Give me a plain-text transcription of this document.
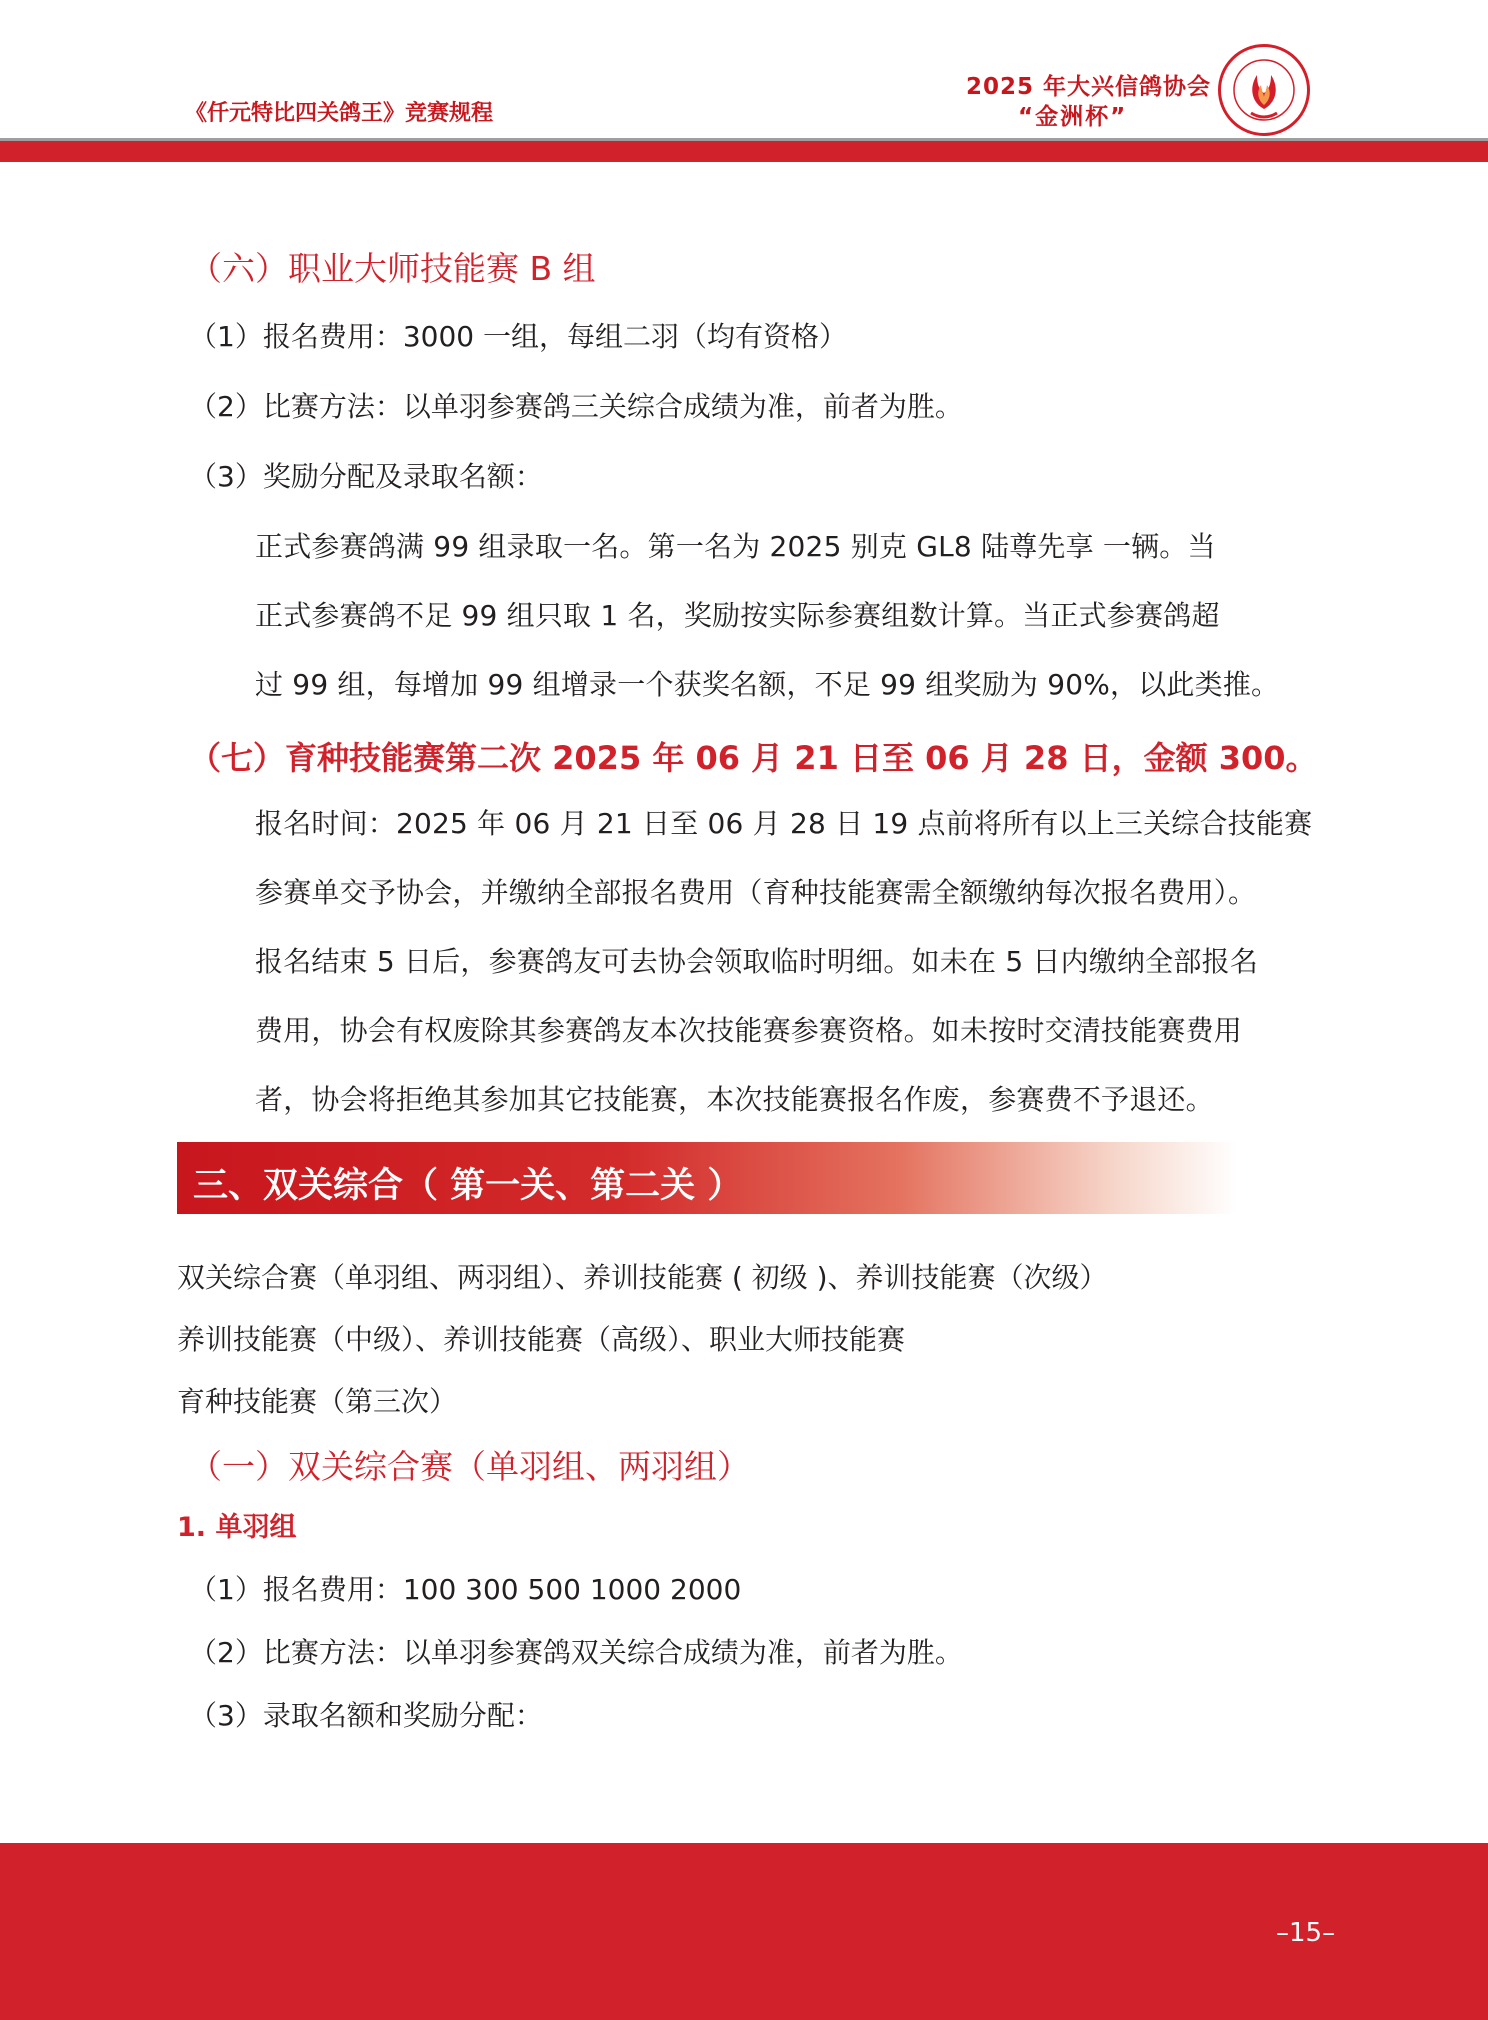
《仟元特比四关鸽王》竞赛规程
2025 年大兴信鸽协会
“金洲杯”
（六）职业大师技能赛 B 组
（1）报名费用：3000 一组，每组二羽（均有资格）
（2）比赛方法：以单羽参赛鸽三关综合成绩为准，前者为胜。
（3）奖励分配及录取名额：
正式参赛鸽满 99 组录取一名。第一名为 2025 别克 GL8 陆尊先享 一辆。当
正式参赛鸽不足 99 组只取 1 名，奖励按实际参赛组数计算。当正式参赛鸽超
过 99 组，每增加 99 组增录一个获奖名额，不足 99 组奖励为 90%，以此类推。
（七）育种技能赛第二次 2025 年 06 月 21 日至 06 月 28 日，金额 300。
报名时间：2025 年 06 月 21 日至 06 月 28 日 19 点前将所有以上三关综合技能赛
参赛单交予协会，并缴纳全部报名费用（育种技能赛需全额缴纳每次报名费用）。
报名结束 5 日后，参赛鸽友可去协会领取临时明细。如未在 5 日内缴纳全部报名
费用，协会有权废除其参赛鸽友本次技能赛参赛资格。如未按时交清技能赛费用
者，协会将拒绝其参加其它技能赛，本次技能赛报名作废，参赛费不予退还。
三、双关综合（ 第一关、第二关 ）
双关综合赛（单羽组、两羽组）、养训技能赛 ( 初级 )、养训技能赛（次级）
养训技能赛（中级）、养训技能赛（高级）、职业大师技能赛
育种技能赛（第三次）
（一）双关综合赛（单羽组、两羽组）
1. 单羽组
（1）报名费用：100 300 500 1000 2000
（2）比赛方法：以单羽参赛鸽双关综合成绩为准，前者为胜。
（3）录取名额和奖励分配：
–15–
